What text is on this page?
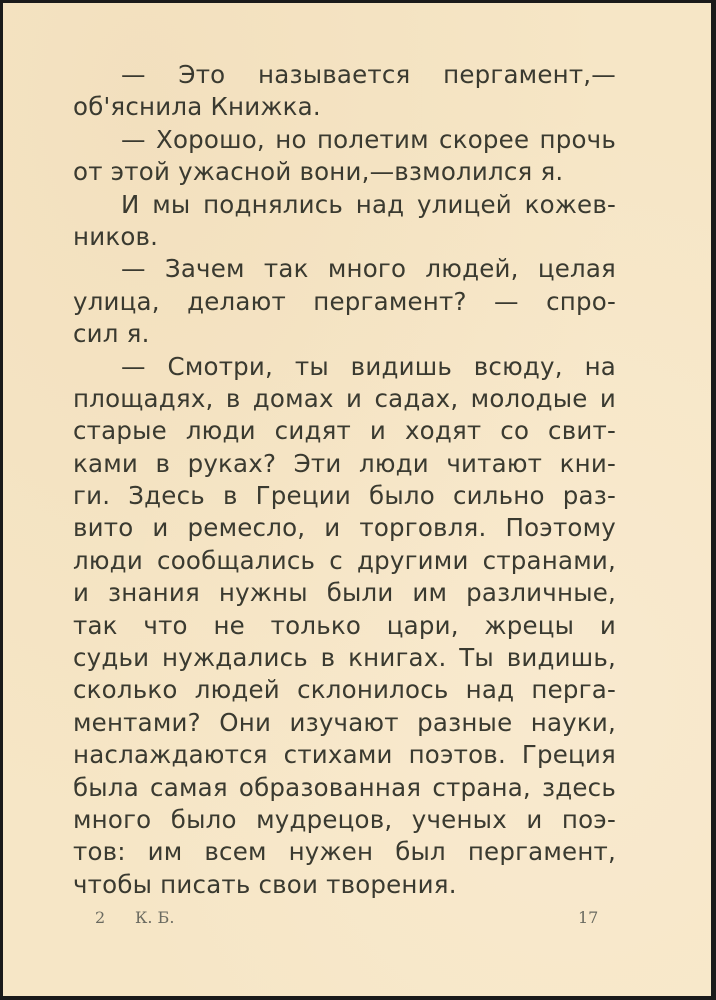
— Это называется пергамент,—
об'яснила Книжка.
— Хорошо, но полетим скорее прочь
от этой ужасной вони,—взмолился я.
И мы поднялись над улицей кожев-
ников.
— Зачем так много людей, целая
улица, делают пергамент? — спро-
сил я.
— Смотри, ты видишь всюду, на
площадях, в домах и садах, молодые и
старые люди сидят и ходят со свит-
ками в руках? Эти люди читают кни-
ги. Здесь в Греции было сильно раз-
вито и ремесло, и торговля. Поэтому
люди сообщались с другими странами,
и знания нужны были им различные,
так что не только цари, жрецы и
судьи нуждались в книгах. Ты видишь,
сколько людей склонилось над перга-
ментами? Они изучают разные науки,
наслаждаются стихами поэтов. Греция
была самая образованная страна, здесь
много было мудрецов, ученых и поэ-
тов: им всем нужен был пергамент,
чтобы писать свои творения.
2 К. Б.	17
